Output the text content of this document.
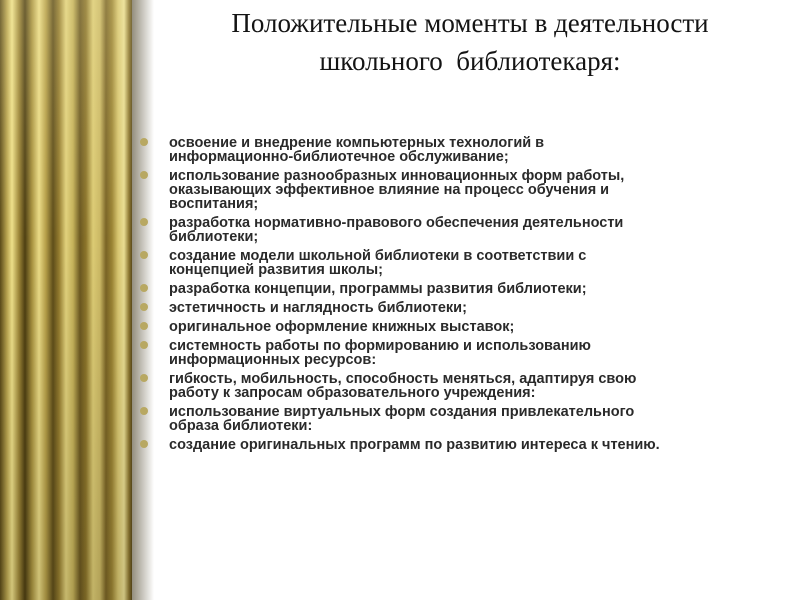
Положительные моменты в деятельности
школьного  библиотекаря:
освоение и внедрение компьютерных технологий в
информационно-библиотечное обслуживание;
использование разнообразных инновационных форм работы,
оказывающих эффективное влияние на процесс обучения и
воспитания;
разработка нормативно-правового обеспечения деятельности
библиотеки;
создание модели школьной библиотеки в соответствии с
концепцией развития школы;
разработка концепции, программы развития библиотеки;
эстетичность и наглядность библиотеки;
оригинальное оформление книжных выставок;
системность работы по формированию и использованию
информационных ресурсов:
гибкость, мобильность, способность меняться, адаптируя свою
работу к запросам образовательного учреждения:
использование виртуальных форм создания привлекательного
образа библиотеки:
создание оригинальных программ по развитию интереса к чтению.
